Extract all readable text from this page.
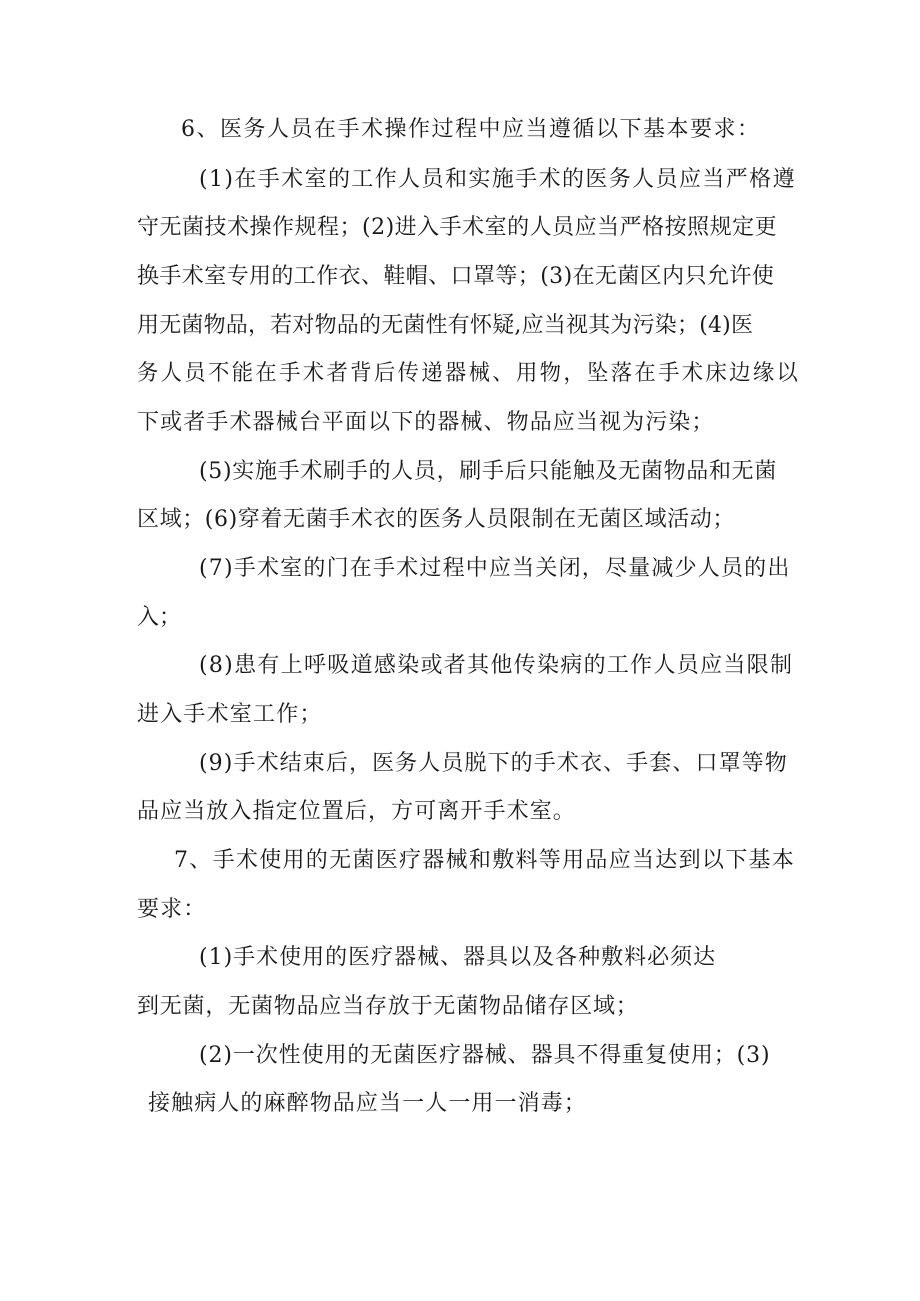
6、医务人员在手术操作过程中应当遵循以下基本要求：

(1)在手术室的工作人员和实施手术的医务人员应当严格遵

守无菌技术操作规程；(2)进入手术室的人员应当严格按照规定更

换手术室专用的工作衣、鞋帽、口罩等；(3)在无菌区内只允许使

用无菌物品，若对物品的无菌性有怀疑,应当视其为污染；(4)医

务人员不能在手术者背后传递器械、用物，坠落在手术床边缘以

下或者手术器械台平面以下的器械、物品应当视为污染；

(5)实施手术刷手的人员，刷手后只能触及无菌物品和无菌

区域；(6)穿着无菌手术衣的医务人员限制在无菌区域活动；

(7)手术室的门在手术过程中应当关闭，尽量减少人员的出

入；

(8)患有上呼吸道感染或者其他传染病的工作人员应当限制

进入手术室工作；

(9)手术结束后，医务人员脱下的手术衣、手套、口罩等物

品应当放入指定位置后，方可离开手术室。

7、手术使用的无菌医疗器械和敷料等用品应当达到以下基本

要求：

(1)手术使用的医疗器械、器具以及各种敷料必须达

到无菌，无菌物品应当存放于无菌物品储存区域；

(2)一次性使用的无菌医疗器械、器具不得重复使用；(3)

接触病人的麻醉物品应当一人一用一消毒；
